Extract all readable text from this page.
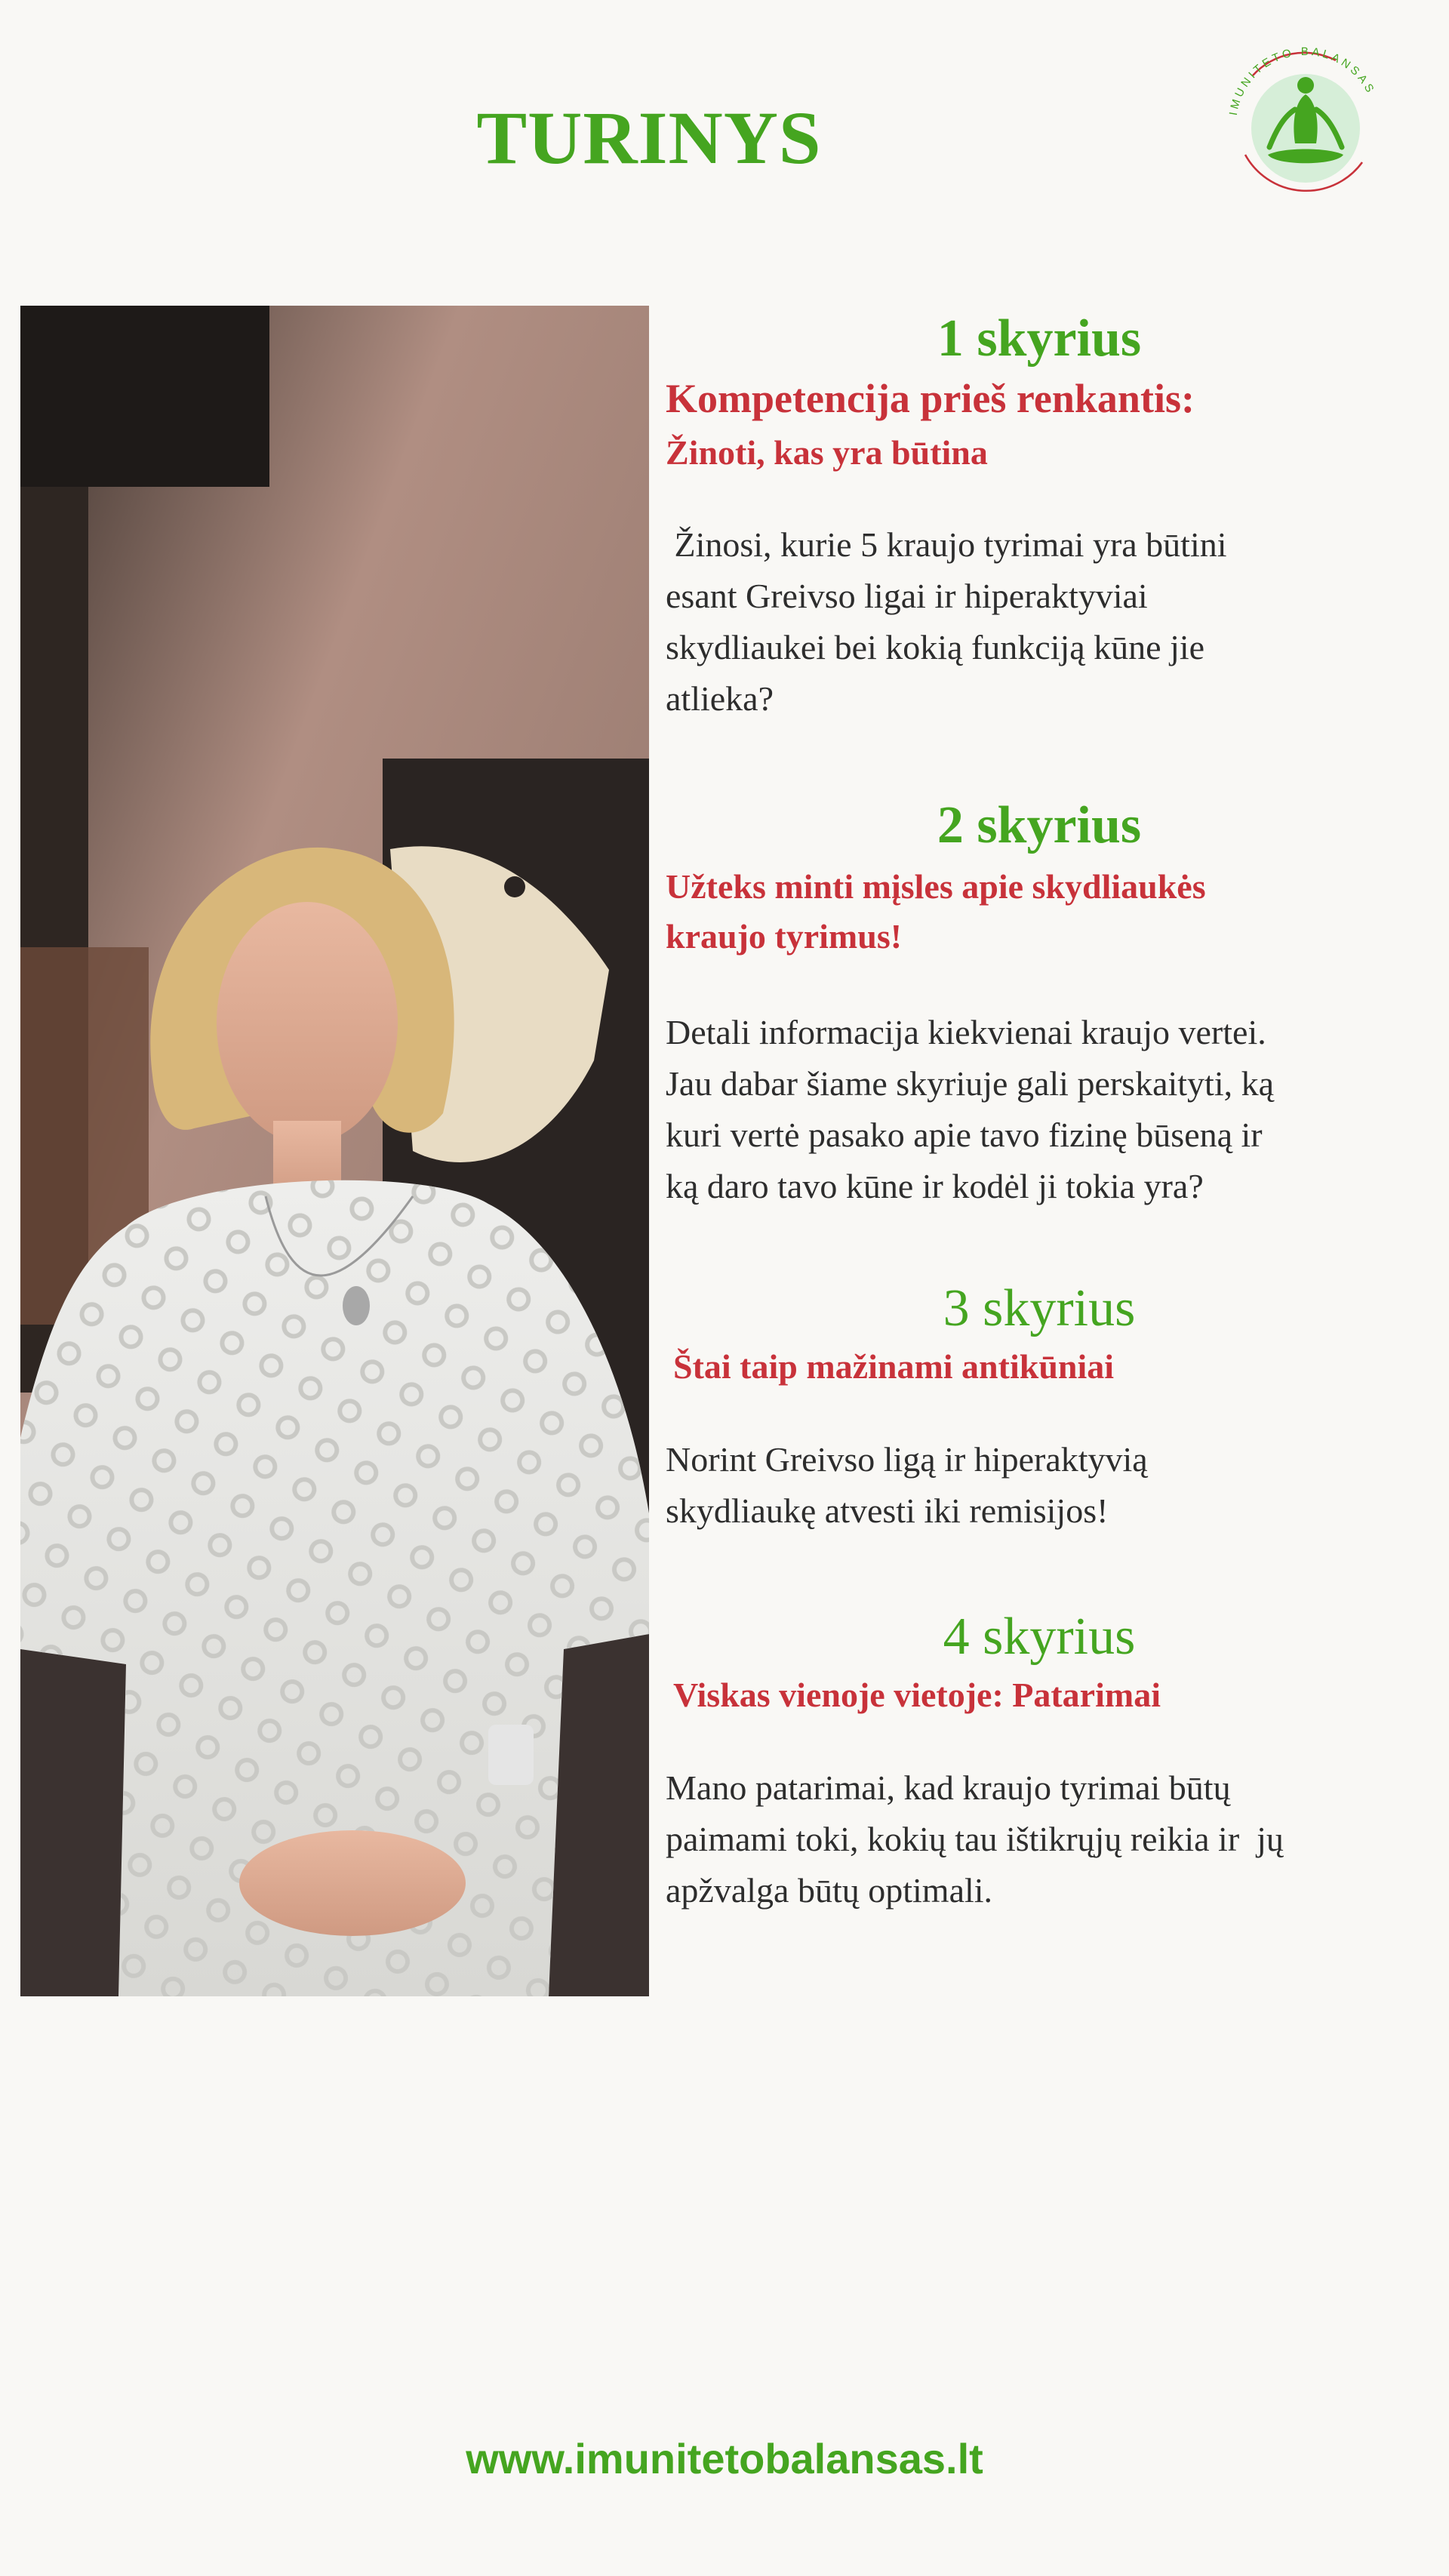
TURINYS	IMUNITETO BALANSAS

1 skyrius

Kompetencija prieš renkantis:

Žinoti, kas yra būtina

Žinosi, kurie 5 kraujo tyrimai yra būtini

esant Greivso ligai ir hiperaktyviai

skydliaukei bei kokią funkciją kūne jie

atlieka?

2 skyrius

Užteks minti mįsles apie skydliaukės

kraujo tyrimus!

Detali informacija kiekvienai kraujo vertei.

Jau dabar šiame skyriuje gali perskaityti, ką

kuri vertė pasako apie tavo fizinę būseną ir

ką daro tavo kūne ir kodėl ji tokia yra?

3 skyrius

Štai taip mažinami antikūniai

Norint Greivso ligą ir hiperaktyvią

skydliaukę atvesti iki remisijos!

4 skyrius

Viskas vienoje vietoje: Patarimai

Mano patarimai, kad kraujo tyrimai būtų

paimami toki, kokių tau ištikrųjų reikia ir  jų

apžvalga būtų optimali.

www.imunitetobalansas.lt
